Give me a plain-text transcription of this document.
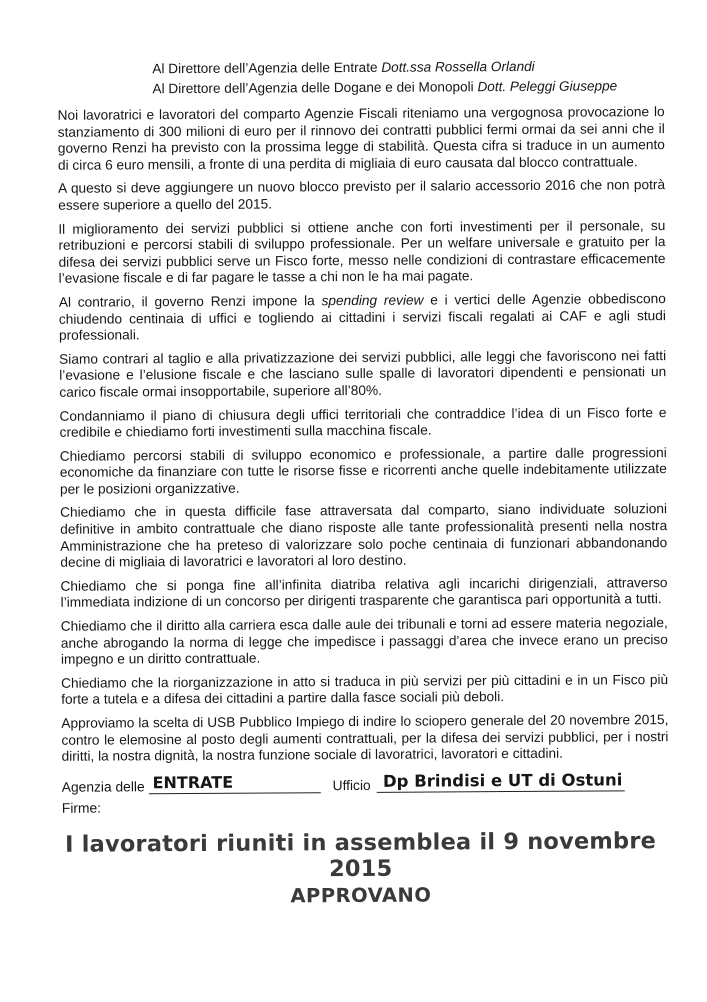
Al Direttore dell’Agenzia delle Entrate Dott.ssa Rossella Orlandi
Al Direttore dell’Agenzia delle Dogane e dei Monopoli Dott. Peleggi Giuseppe

Noi lavoratrici e lavoratori del comparto Agenzie Fiscali riteniamo una vergognosa provocazione lo stanziamento di 300 milioni di euro per il rinnovo dei contratti pubblici fermi ormai da sei anni che il governo Renzi ha previsto con la prossima legge di stabilità. Questa cifra si traduce in un aumento di circa 6 euro mensili, a fronte di una perdita di migliaia di euro causata dal blocco contrattuale.

A questo si deve aggiungere un nuovo blocco previsto per il salario accessorio 2016 che non potrà essere superiore a quello del 2015.

Il miglioramento dei servizi pubblici si ottiene anche con forti investimenti per il personale, su retribuzioni e percorsi stabili di sviluppo professionale. Per un welfare universale e gratuito per la difesa dei servizi pubblici serve un Fisco forte, messo nelle condizioni di contrastare efficacemente l’evasione fiscale e di far pagare le tasse a chi non le ha mai pagate.

Al contrario, il governo Renzi impone la spending review e i vertici delle Agenzie obbediscono chiudendo centinaia di uffici e togliendo ai cittadini i servizi fiscali regalati ai CAF e agli studi professionali.

Siamo contrari al taglio e alla privatizzazione dei servizi pubblici, alle leggi che favoriscono nei fatti l’evasione e l’elusione fiscale e che lasciano sulle spalle di lavoratori dipendenti e pensionati un carico fiscale ormai insopportabile, superiore all’80%.

Condanniamo il piano di chiusura degli uffici territoriali che contraddice l’idea di un Fisco forte e credibile e chiediamo forti investimenti sulla macchina fiscale.

Chiediamo percorsi stabili di sviluppo economico e professionale, a partire dalle progressioni economiche da finanziare con tutte le risorse fisse e ricorrenti anche quelle indebitamente utilizzate per le posizioni organizzative.

Chiediamo che in questa difficile fase attraversata dal comparto, siano individuate soluzioni definitive in ambito contrattuale che diano risposte alle tante professionalità presenti nella nostra Amministrazione che ha preteso di valorizzare solo poche centinaia di funzionari abbandonando decine di migliaia di lavoratrici e lavoratori al loro destino.

Chiediamo che si ponga fine all’infinita diatriba relativa agli incarichi dirigenziali, attraverso l’immediata indizione di un concorso per dirigenti trasparente che garantisca pari opportunità a tutti.

Chiediamo che il diritto alla carriera esca dalle aule dei tribunali e torni ad essere materia negoziale, anche abrogando la norma di legge che impedisce i passaggi d’area che invece erano un preciso impegno e un diritto contrattuale.

Chiediamo che la riorganizzazione in atto si traduca in più servizi per più cittadini e in un Fisco più forte a tutela e a difesa dei cittadini a partire dalla fasce sociali più deboli.

Approviamo la scelta di USB Pubblico Impiego di indire lo sciopero generale del 20 novembre 2015, contro le elemosine al posto degli aumenti contrattuali, per la difesa dei servizi pubblici, per i nostri diritti, la nostra dignità, la nostra funzione sociale di lavoratrici, lavoratori e cittadini.

Agenzia delle ENTRATE	Ufficio Dp Brindisi e UT di Ostuni
Firme:
I lavoratori riuniti in assemblea il 9 novembre 2015
APPROVANO
